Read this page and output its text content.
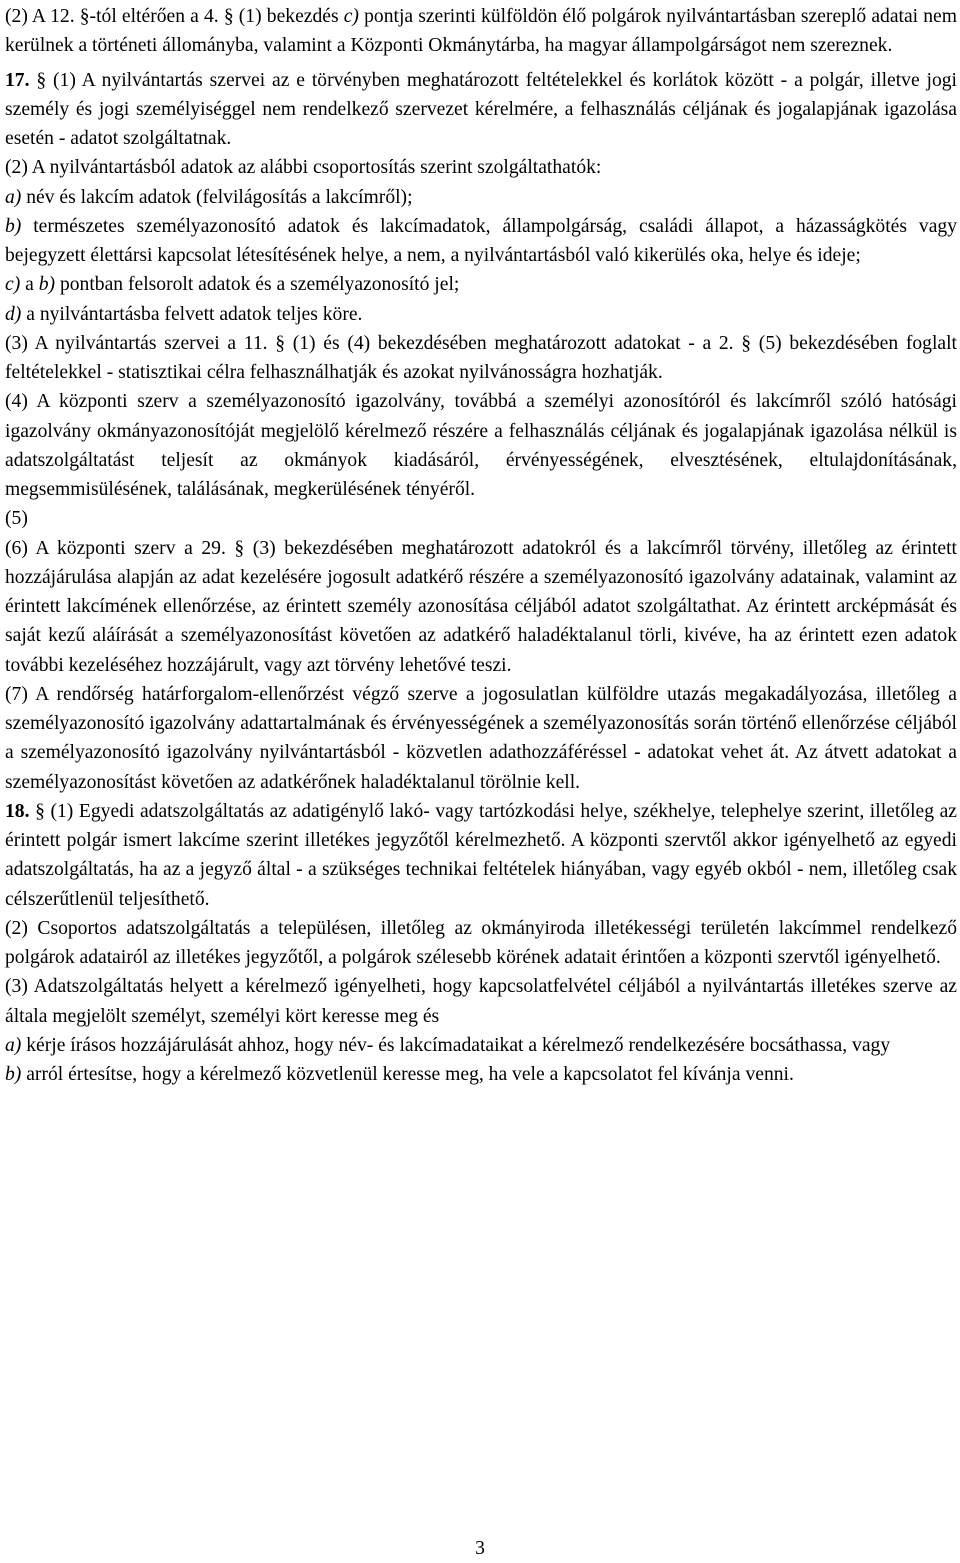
(2) A 12. §-tól eltérően a 4. § (1) bekezdés c) pontja szerinti külföldön élő polgárok nyilvántartásban szereplő adatai nem kerülnek a történeti állományba, valamint a Központi Okmánytárba, ha magyar állampolgárságot nem szereznek.

17. § (1) A nyilvántartás szervei az e törvényben meghatározott feltételekkel és korlátok között - a polgár, illetve jogi személy és jogi személyiséggel nem rendelkező szervezet kérelmére, a felhasználás céljának és jogalapjának igazolása esetén - adatot szolgáltatnak.

(2) A nyilvántartásból adatok az alábbi csoportosítás szerint szolgáltathatók:

a) név és lakcím adatok (felvilágosítás a lakcímről);

b) természetes személyazonosító adatok és lakcímadatok, állampolgárság, családi állapot, a házasságkötés vagy bejegyzett élettársi kapcsolat létesítésének helye, a nem, a nyilvántartásból való kikerülés oka, helye és ideje;

c) a b) pontban felsorolt adatok és a személyazonosító jel;

d) a nyilvántartásba felvett adatok teljes köre.

(3) A nyilvántartás szervei a 11. § (1) és (4) bekezdésében meghatározott adatokat - a 2. § (5) bekezdésében foglalt feltételekkel - statisztikai célra felhasználhatják és azokat nyilvánosságra hozhatják.

(4) A központi szerv a személyazonosító igazolvány, továbbá a személyi azonosítóról és lakcímről szóló hatósági igazolvány okmányazonosítóját megjelölő kérelmező részére a felhasználás céljának és jogalapjának igazolása nélkül is adatszolgáltatást teljesít az okmányok kiadásáról, érvényességének, elvesztésének, eltulajdonításának, megsemmisülésének, találásának, megkerülésének tényéről.

(5)

(6) A központi szerv a 29. § (3) bekezdésében meghatározott adatokról és a lakcímről törvény, illetőleg az érintett hozzájárulása alapján az adat kezelésére jogosult adatkérő részére a személyazonosító igazolvány adatainak, valamint az érintett lakcímének ellenőrzése, az érintett személy azonosítása céljából adatot szolgáltathat. Az érintett arcképmását és saját kezű aláírását a személyazonosítást követően az adatkérő haladéktalanul törli, kivéve, ha az érintett ezen adatok további kezeléséhez hozzájárult, vagy azt törvény lehetővé teszi.

(7) A rendőrség határforgalom-ellenőrzést végző szerve a jogosulatlan külföldre utazás megakadályozása, illetőleg a személyazonosító igazolvány adattartalmának és érvényességének a személyazonosítás során történő ellenőrzése céljából a személyazonosító igazolvány nyilvántartásból - közvetlen adathozzáféréssel - adatokat vehet át. Az átvett adatokat a személyazonosítást követően az adatkérőnek haladéktalanul törölnie kell.

18. § (1) Egyedi adatszolgáltatás az adatigénylő lakó- vagy tartózkodási helye, székhelye, telephelye szerint, illetőleg az érintett polgár ismert lakcíme szerint illetékes jegyzőtől kérelmezhető. A központi szervtől akkor igényelhető az egyedi adatszolgáltatás, ha az a jegyző által - a szükséges technikai feltételek hiányában, vagy egyéb okból - nem, illetőleg csak célszerűtlenül teljesíthető.

(2) Csoportos adatszolgáltatás a településen, illetőleg az okmányiroda illetékességi területén lakcímmel rendelkező polgárok adatairól az illetékes jegyzőtől, a polgárok szélesebb körének adatait érintően a központi szervtől igényelhető.

(3) Adatszolgáltatás helyett a kérelmező igényelheti, hogy kapcsolatfelvétel céljából a nyilvántartás illetékes szerve az általa megjelölt személyt, személyi kört keresse meg és

a) kérje írásos hozzájárulását ahhoz, hogy név- és lakcímadataikat a kérelmező rendelkezésére bocsáthassa, vagy

b) arról értesítse, hogy a kérelmező közvetlenül keresse meg, ha vele a kapcsolatot fel kívánja venni.

3
